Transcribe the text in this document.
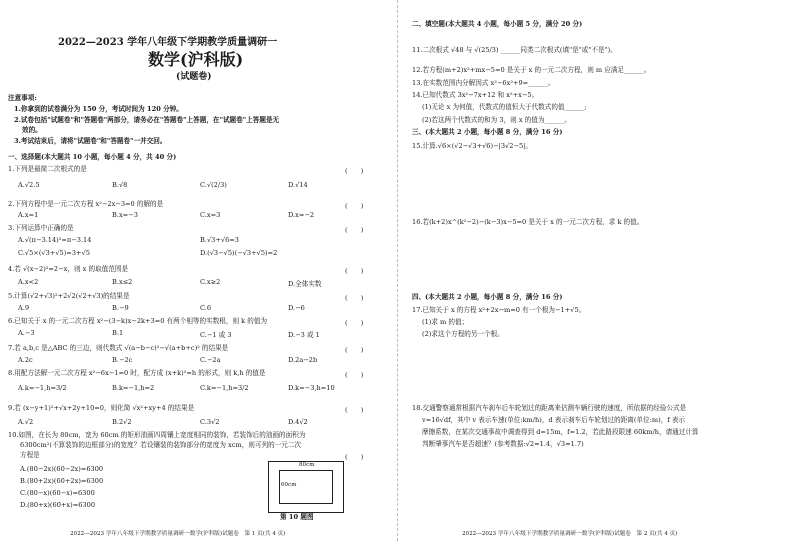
2022—2023 学年八年级下学期教学质量调研一
数学(沪科版)
(试题卷)
注意事项:
1.你拿到的试卷满分为 150 分，考试时间为 120 分钟。
2.试卷包括"试题卷"和"答题卷"两部分，请务必在"答题卷"上答题，在"试题卷"上答题是无
效的。
3.考试结束后，请将"试题卷"和"答题卷"一并交回。
一、选择题(本大题共 10 小题，每小题 4 分，共 40 分)
1.下列是最简二次根式的是	(　　)
A.√2.5	B.√8	C.√(2/3)	D.√14
2.下列方程中是一元二次方程 x²−2x−3=0 的解的是	(　　)
A.x=1	B.x=−3	C.x=3	D.x=−2
3.下列运算中正确的是	(　　)
A.√(π−3.14)²=π−3.14	B.√3+√6=3
C.√5×(√3+√5)=3+√5	D.(√3−√5)(−√3+√5)=2
4.若 √(x−2)²=2−x，则 x 的取值范围是	(　　)
A.x<2	B.x≤2	C.x≥2	D.全体实数
5.计算(√2+√3)²+2√2(√2+√3)的结果是	(　　)
A.9	B.−9	C.6	D.−6
6.已知关于 x 的一元二次方程 x²−(3−k)x−2k+3=0 有两个相等的实数根，则 k 的值为	(　　)
A.−3	B.1	C.−1 或 3	D.−3 或 1
7.若 a,b,c 是△ABC 的三边，则代数式 √(a−b−c)²−√(a+b+c)² 的结果是	(　　)
A.2c	B.−2c	C.−2a	D.2a−2b
8.用配方法解一元二次方程 x²−6x−1=0 时，配方成 (x+k)²=h 的形式，则 k,h 的值是	(　　)
A.k=−1,h=3/2	B.k=−1,h=2	C.k=−1,h=3/2	D.k=−3,h=10
9.若 (x−y+1)²+√x+2y+10=0，则化简 √x²+xy+4 的结果是	(　　)
A.√2	B.2√2	C.3√2	D.4√2
10.如图，在长为 80cm，宽为 60cm 的矩形油画四周镶上宽度相同的装饰，若装饰后的油画的面积为
6300cm²(不算装饰的边框部分)的宽度？若设镶装的装饰部分的宽度为 xcm，则可列的一元二次
方程是	(　　)
A.(80−2x)(60−2x)=6300
B.(80+2x)(60+2x)=6300
C.(80−x)(60−x)=6300
D.(80+x)(60+x)=6300
80cm
60cm
第 10 题图
2022—2023 学年八年级下学期教学质量调研一数学(沪科版)试题卷　第 1 页(共 4 页)
二、填空题(本大题共 4 小题，每小题 5 分，满分 20 分)
11.二次根式 √48 与 √(25/3) ______同类二次根式(填"是"或"不是")。
12.若方程(m+2)x²+mx−5=0 是关于 x 的一元二次方程，则 m 应满足______。
13.在实数范围内分解因式 x²−6x²+9=______。
14.已知代数式 3x²−7x+12 和 x²+x−5。
(1)无论 x 为何值，代数式的值恒大于代数式的值______;
(2)若这两个代数式的和为 3，则 x 的值为______。
三、(本大题共 2 小题，每小题 8 分，满分 16 分)
15.计算.√6×(√2−√3+√6)−|3√2−5|。
16.若(k+2)x^(k²−2)−(k−3)x−5=0 是关于 x 的一元二次方程，求 k 的值。
四、(本大题共 2 小题，每小题 8 分，满分 16 分)
17.已知关于 x 的方程 x²+2x−m=0 有一个根为−1+√5。
(1)求 m 的值；
(2)求这个方程的另一个根。
18.交通警察通常根据汽车刹车后车轮划过的距离来估测车辆行驶的速度，所依据的经验公式是
v=16√df，其中 v 表示车速(单位:km/h)，d 表示刹车后车轮划过的距离(单位:m)，f 表示
摩擦系数，在某次交通事故中调查得到 d=15m，f=1.2，若此路段限速 60km/h，请通过计算
判断肇事汽车是否超速？(参考数据:√2≈1.4，√3≈1.7)
2022—2023 学年八年级下学期教学质量调研一数学(沪科版)试题卷　第 2 页(共 4 页)
